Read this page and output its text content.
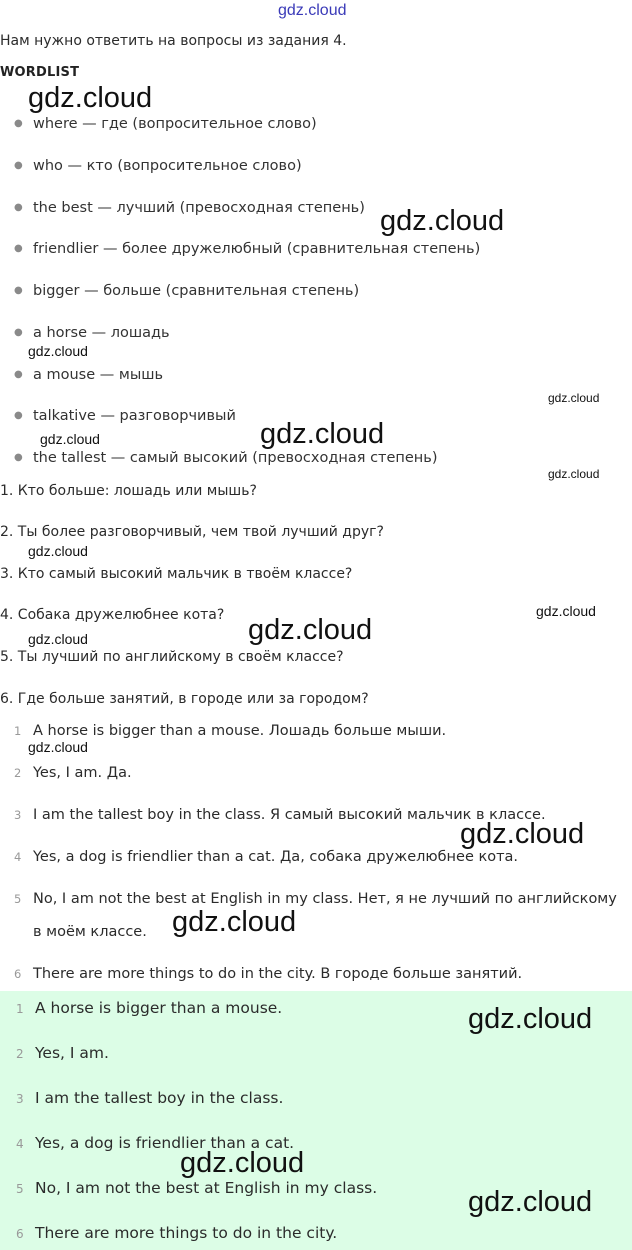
gdz.cloud
Нам нужно ответить на вопросы из задания 4.
WORDLIST
● where — где (вопросительное слово)
● who — кто (вопросительное слово)
● the best — лучший (превосходная степень)
● friendlier — более дружелюбный (сравнительная степень)
● bigger — больше (сравнительная степень)
● a horse — лошадь
● a mouse — мышь
● talkative — разговорчивый
● the tallest — самый высокий (превосходная степень)
1. Кто больше: лошадь или мышь?
2. Ты более разговорчивый, чем твой лучший друг?
3. Кто самый высокий мальчик в твоём классе?
4. Собака дружелюбнее кота?
5. Ты лучший по английскому в своём классе?
6. Где больше занятий, в городе или за городом?
1 A horse is bigger than a mouse. Лошадь больше мыши.
2 Yes, I am. Да.
3 I am the tallest boy in the class. Я самый высокий мальчик в классе.
4 Yes, a dog is friendlier than a cat. Да, собака дружелюбнее кота.
5 No, I am not the best at English in my class. Нет, я не лучший по английскому
в моём классе.
6 There are more things to do in the city. В городе больше занятий.
1 A horse is bigger than a mouse.
2 Yes, I am.
3 I am the tallest boy in the class.
4 Yes, a dog is friendlier than a cat.
5 No, I am not the best at English in my class.
6 There are more things to do in the city.
gdz.cloud
gdz.cloud
gdz.cloud
gdz.cloud
gdz.cloud	gdz.cloud
gdz.cloud
gdz.cloud
gdz.cloud
gdz.cloud	gdz.cloud
gdz.cloud
gdz.cloud
gdz.cloud
gdz.cloud
gdz.cloud
gdz.cloud
